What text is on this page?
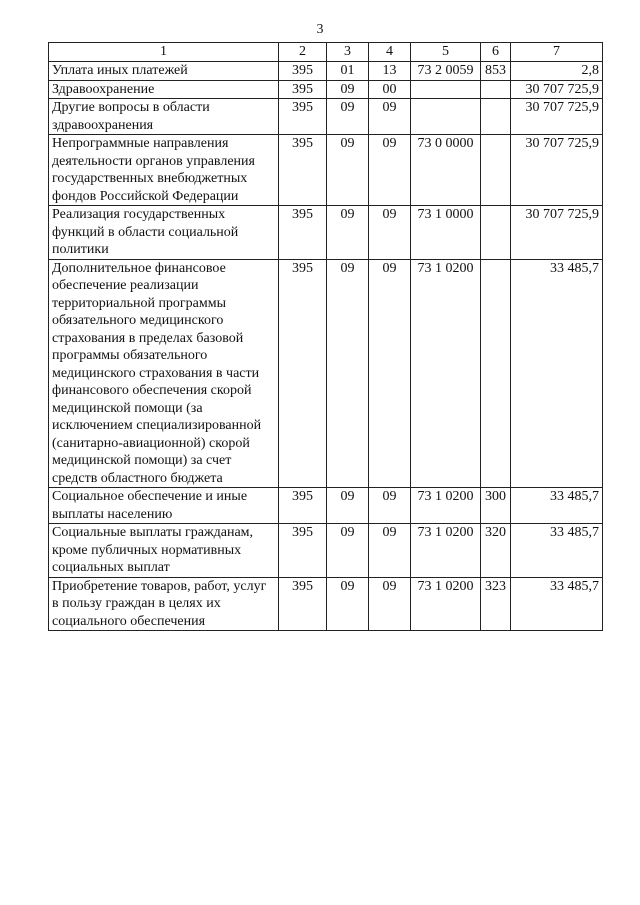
3
1	2	3	4	5	6	7
Уплата иных платежей	395	01	13	73 2 0059	853	2,8
Здравоохранение	395	09	00			30 707 725,9
Другие вопросы в области здравоохранения	395	09	09			30 707 725,9
Непрограммные направления деятельности органов управления государственных внебюджетных фондов Российской Федерации	395	09	09	73 0 0000		30 707 725,9
Реализация государственных функций в области социальной политики	395	09	09	73 1 0000		30 707 725,9
Дополнительное финансовое обеспечение реализации территориальной программы обязательного медицинского страхования в пределах базовой программы обязательного медицинского страхования в части финансового обеспечения скорой медицинской помощи (за исключением специализированной (санитарно-авиационной) скорой медицинской помощи) за счет средств областного бюджета	395	09	09	73 1 0200		33 485,7
Социальное обеспечение и иные выплаты населению	395	09	09	73 1 0200	300	33 485,7
Социальные выплаты гражданам, кроме публичных нормативных социальных выплат	395	09	09	73 1 0200	320	33 485,7
Приобретение товаров, работ, услуг в пользу граждан в целях их социального обеспечения	395	09	09	73 1 0200	323	33 485,7
